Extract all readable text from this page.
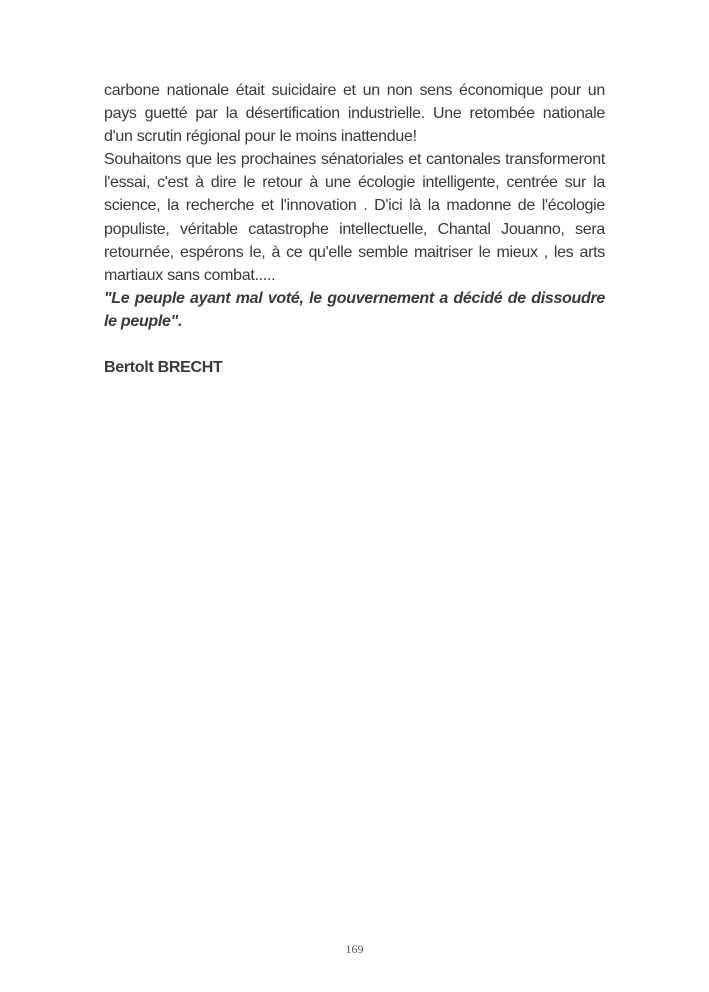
carbone nationale était suicidaire et un non sens économique pour un pays guetté par la désertification industrielle. Une retombée nationale d'un scrutin régional pour le moins inattendue!

Souhaitons que les prochaines sénatoriales et cantonales transformeront l'essai, c'est à dire le retour à une écologie intelligente, centrée sur la science, la recherche et l'innovation . D'ici là la madonne de l'écologie populiste, véritable catastrophe intellectuelle, Chantal Jouanno, sera retournée, espérons le, à ce qu'elle semble maitriser le mieux , les arts martiaux sans combat.....

"Le peuple ayant mal voté, le gouvernement a décidé de dissoudre le peuple".

Bertolt BRECHT

169
